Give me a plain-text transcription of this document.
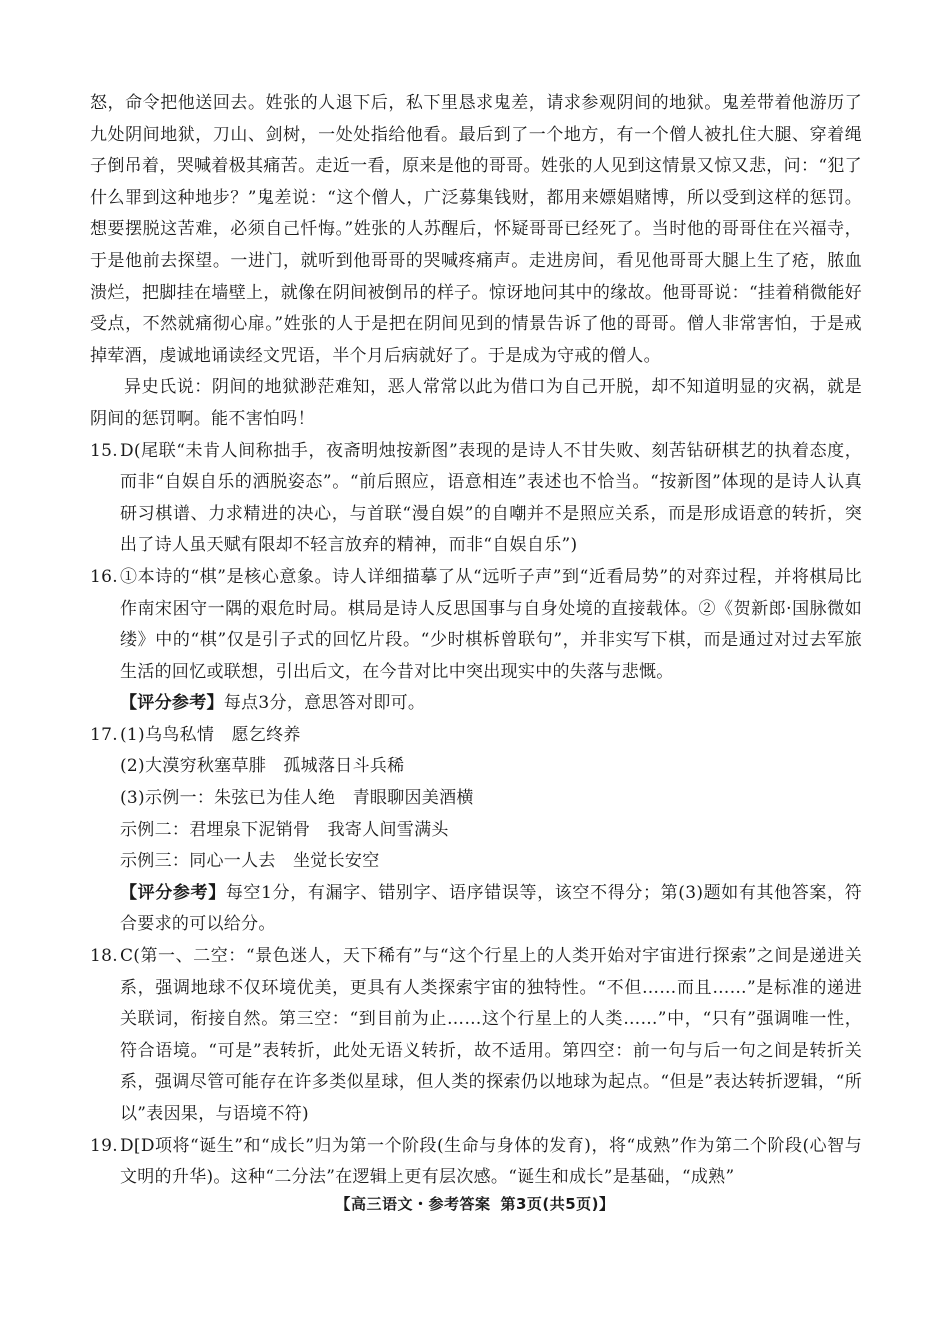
怒，命令把他送回去。姓张的人退下后，私下里恳求鬼差，请求参观阴间的地狱。鬼差带着他游历了九处阴间地狱，刀山、剑树，一处处指给他看。最后到了一个地方，有一个僧人被扎住大腿、穿着绳子倒吊着，哭喊着极其痛苦。走近一看，原来是他的哥哥。姓张的人见到这情景又惊又悲，问：“犯了什么罪到这种地步？”鬼差说：“这个僧人，广泛募集钱财，都用来嫖娼赌博，所以受到这样的惩罚。想要摆脱这苦难，必须自己忏悔。”姓张的人苏醒后，怀疑哥哥已经死了。当时他的哥哥住在兴福寺，于是他前去探望。一进门，就听到他哥哥的哭喊疼痛声。走进房间，看见他哥哥大腿上生了疮，脓血溃烂，把脚挂在墙壁上，就像在阴间被倒吊的样子。惊讶地问其中的缘故。他哥哥说：“挂着稍微能好受点，不然就痛彻心扉。”姓张的人于是把在阴间见到的情景告诉了他的哥哥。僧人非常害怕，于是戒掉荤酒，虔诚地诵读经文咒语，半个月后病就好了。于是成为守戒的僧人。

异史氏说：阴间的地狱渺茫难知，恶人常常以此为借口为自己开脱，却不知道明显的灾祸，就是阴间的惩罚啊。能不害怕吗！

15. D(尾联“未肯人间称拙手，夜斋明烛按新图”表现的是诗人不甘失败、刻苦钻研棋艺的执着态度，而非“自娱自乐的洒脱姿态”。“前后照应，语意相连”表述也不恰当。“按新图”体现的是诗人认真研习棋谱、力求精进的决心，与首联“漫自娱”的自嘲并不是照应关系，而是形成语意的转折，突出了诗人虽天赋有限却不轻言放弃的精神，而非“自娱自乐”)
16. ①本诗的“棋”是核心意象。诗人详细描摹了从“远听子声”到“近看局势”的对弈过程，并将棋局比作南宋困守一隅的艰危时局。棋局是诗人反思国事与自身处境的直接载体。②《贺新郎·国脉微如缕》中的“棋”仅是引子式的回忆片段。“少时棋柝曾联句”，并非实写下棋，而是通过对过去军旅生活的回忆或联想，引出后文，在今昔对比中突出现实中的失落与悲慨。

【评分参考】每点3分，意思答对即可。

17. (1)乌鸟私情　愿乞终养

(2)大漠穷秋塞草腓　孤城落日斗兵稀

(3)示例一：朱弦已为佳人绝　青眼聊因美酒横

示例二：君埋泉下泥销骨　我寄人间雪满头

示例三：同心一人去　坐觉长安空

【评分参考】每空1分，有漏字、错别字、语序错误等，该空不得分；第(3)题如有其他答案，符合要求的可以给分。

18. C(第一、二空：“景色迷人，天下稀有”与“这个行星上的人类开始对宇宙进行探索”之间是递进关系，强调地球不仅环境优美，更具有人类探索宇宙的独特性。“不但……而且……”是标准的递进关联词，衔接自然。第三空：“到目前为止……这个行星上的人类……”中，“只有”强调唯一性，符合语境。“可是”表转折，此处无语义转折，故不适用。第四空：前一句与后一句之间是转折关系，强调尽管可能存在许多类似星球，但人类的探索仍以地球为起点。“但是”表达转折逻辑，“所以”表因果，与语境不符)
19. D[D项将“诞生”和“成长”归为第一个阶段(生命与身体的发育)，将“成熟”作为第二个阶段(心智与文明的升华)。这种“二分法”在逻辑上更有层次感。“诞生和成长”是基础，“成熟”
【高三语文・参考答案 第3页(共5页)】
